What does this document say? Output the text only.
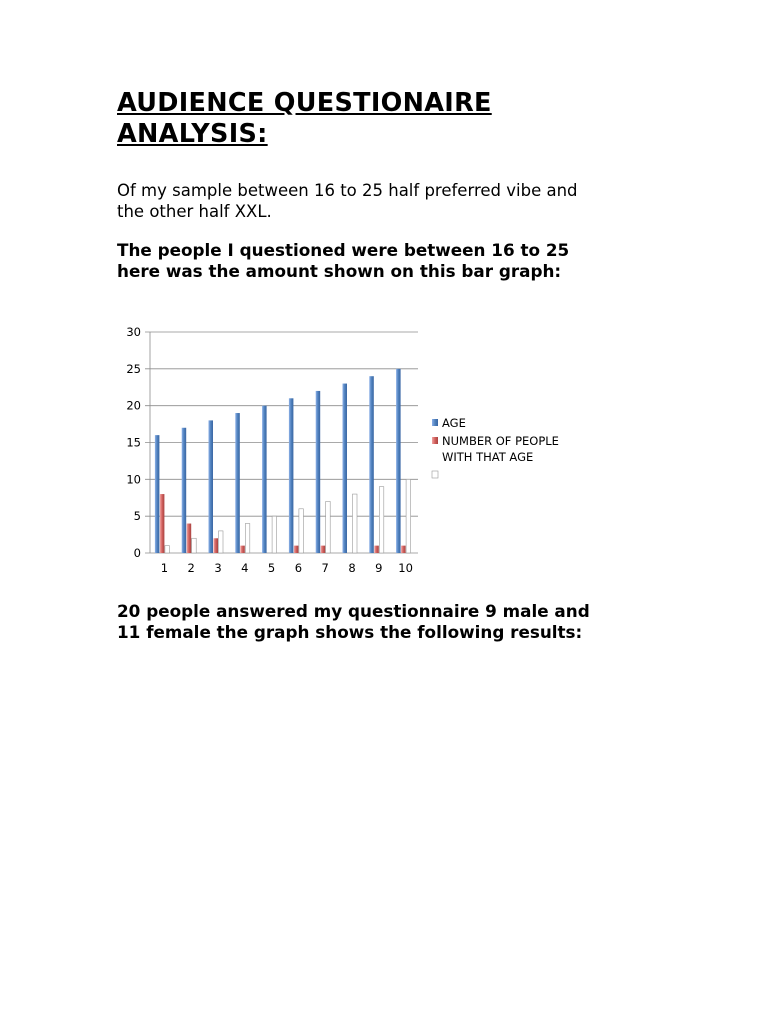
AUDIENCE QUESTIONAIRE
ANALYSIS:
Of my sample between 16 to 25 half preferred vibe and
the other half XXL.
The people I questioned were between 16 to 25
here was the amount shown on this bar graph:
0
5
10
15
20
25
30
1 2 3 4 5 6 7 8 9 10
AGE
NUMBER OF PEOPLE
WITH THAT AGE
20 people answered my questionnaire 9 male and
11 female the graph shows the following results:
